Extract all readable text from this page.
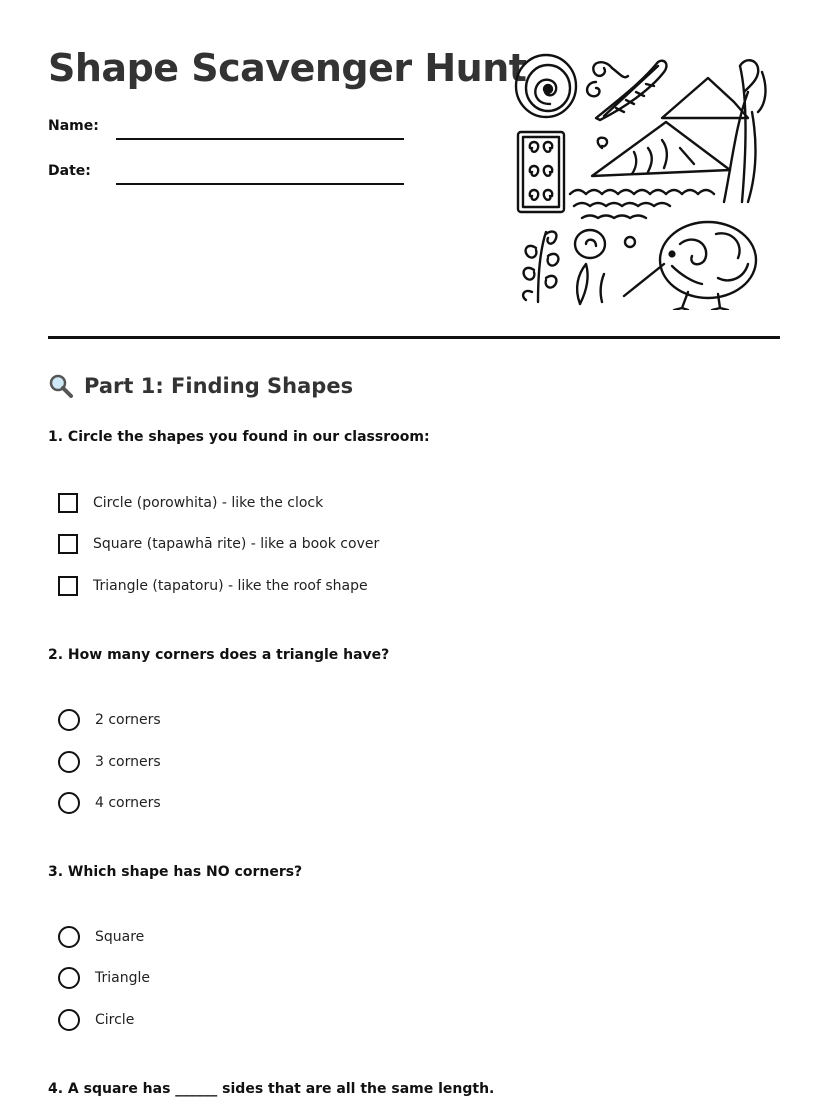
Shape Scavenger Hunt
Name:
Date:
Part 1: Finding Shapes
1. Circle the shapes you found in our classroom:
Circle (porowhita) - like the clock
Square (tapawhā rite) - like a book cover
Triangle (tapatoru) - like the roof shape
2. How many corners does a triangle have?
2 corners
3 corners
4 corners
3. Which shape has NO corners?
Square
Triangle
Circle
4. A square has ______ sides that are all the same length.
